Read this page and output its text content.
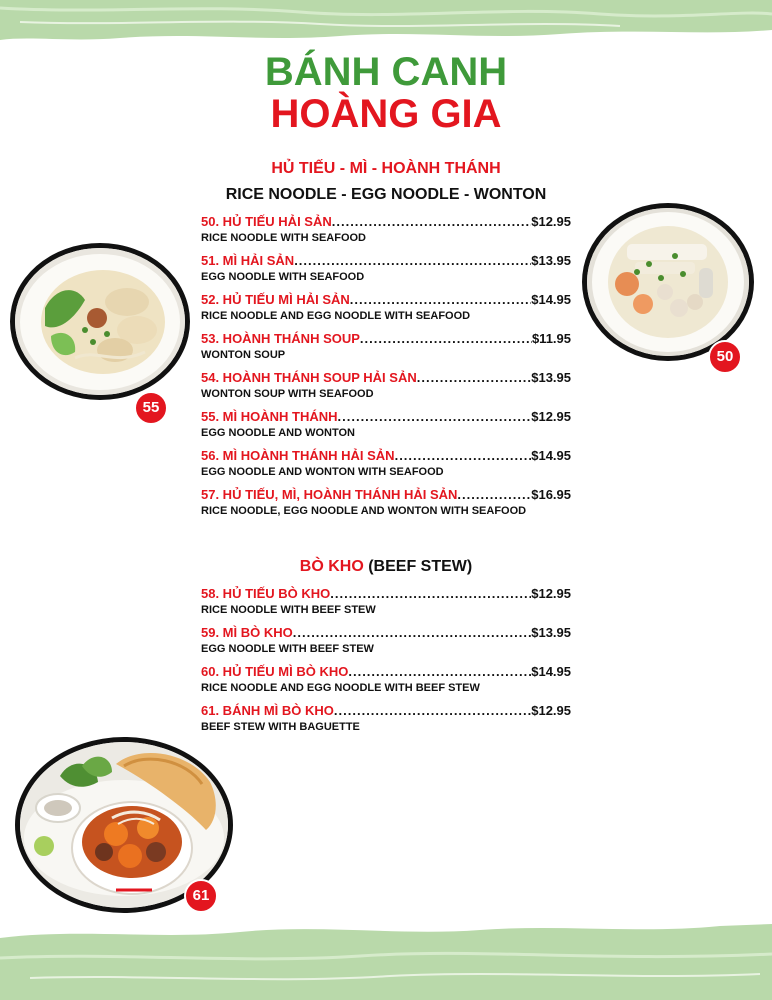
BÁNH CANH
HOÀNG GIA
HỦ TIẾU - MÌ - HOÀNH THÁNH
RICE NOODLE - EGG NOODLE - WONTON
50. HỦ TIẾU HẢI SẢN .....	$12.95
RICE NOODLE WITH SEAFOOD
51. MÌ HẢI SẢN .....	$13.95
EGG NOODLE WITH SEAFOOD
52. HỦ TIẾU MÌ HẢI SẢN .....	$14.95
RICE NOODLE AND EGG NOODLE WITH SEAFOOD
53. HOÀNH THÁNH SOUP .....	$11.95
WONTON SOUP
54. HOÀNH THÁNH SOUP HẢI SẢN .....	$13.95
WONTON SOUP WITH SEAFOOD
55. MÌ HOÀNH THÁNH .....	$12.95
EGG NOODLE AND WONTON
56. MÌ HOÀNH THÁNH HẢI SẢN .....	$14.95
EGG NOODLE AND WONTON WITH SEAFOOD
57. HỦ TIẾU, MÌ, HOÀNH THÁNH HẢI SẢN .....	$16.95
RICE NOODLE, EGG NOODLE AND WONTON WITH SEAFOOD
BÒ KHO (BEEF STEW)
58. HỦ TIẾU BÒ KHO .....	$12.95
RICE NOODLE WITH BEEF STEW
59. MÌ BÒ KHO .....	$13.95
EGG NOODLE WITH BEEF STEW
60. HỦ TIẾU MÌ BÒ KHO .....	$14.95
RICE NOODLE AND EGG NOODLE WITH BEEF STEW
61. BÁNH MÌ BÒ KHO .....	$12.95
BEEF STEW WITH BAGUETTE
55
50
61
